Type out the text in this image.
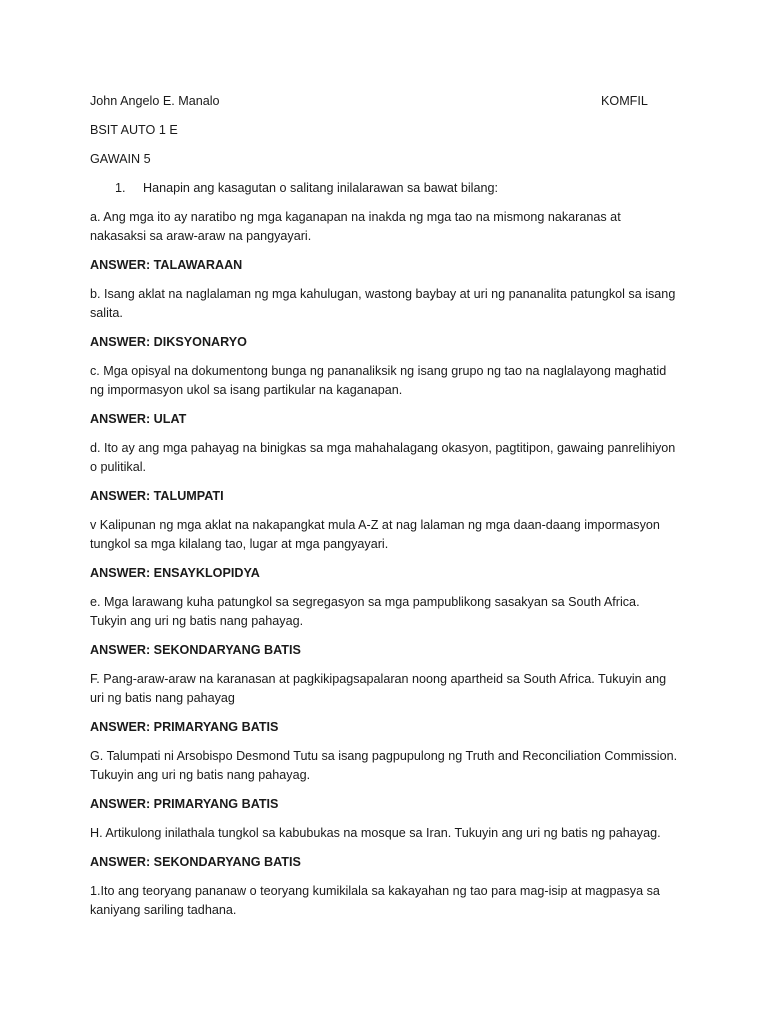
John Angelo E. Manalo	KOMFIL
BSIT AUTO 1 E
GAWAIN 5
1. Hanapin ang kasagutan o salitang inilalarawan sa bawat bilang:

a. Ang mga ito ay naratibo ng mga kaganapan na inakda ng mga tao na mismong nakaranas at nakasaksi sa araw-araw na pangyayari.

ANSWER: TALAWARAAN

b. Isang aklat na naglalaman ng mga kahulugan, wastong baybay at uri ng pananalita patungkol sa isang salita.

ANSWER: DIKSYONARYO

c. Mga opisyal na dokumentong bunga ng pananaliksik ng isang grupo ng tao na naglalayong maghatid ng impormasyon ukol sa isang partikular na kaganapan.

ANSWER: ULAT

d. Ito ay ang mga pahayag na binigkas sa mga mahahalagang okasyon, pagtitipon, gawaing panrelihiyon o pulitikal.

ANSWER: TALUMPATI

v Kalipunan ng mga aklat na nakapangkat mula A-Z at nag lalaman ng mga daan-daang impormasyon tungkol sa mga kilalang tao, lugar at mga pangyayari.

ANSWER: ENSAYKLOPIDYA

e. Mga larawang kuha patungkol sa segregasyon sa mga pampublikong sasakyan sa South Africa. Tukyin ang uri ng batis nang pahayag.

ANSWER: SEKONDARYANG BATIS

F. Pang-araw-araw na karanasan at pagkikipagsapalaran noong apartheid sa South Africa. Tukuyin ang uri ng batis nang pahayag

ANSWER: PRIMARYANG BATIS

G. Talumpati ni Arsobispo Desmond Tutu sa isang pagpupulong ng Truth and Reconciliation Commission. Tukuyin ang uri ng batis nang pahayag.

ANSWER: PRIMARYANG BATIS

H. Artikulong inilathala tungkol sa kabubukas na mosque sa Iran. Tukuyin ang uri ng batis ng pahayag.

ANSWER: SEKONDARYANG BATIS

1.Ito ang teoryang pananaw o teoryang kumikilala sa kakayahan ng tao para mag-isip at magpasya sa kaniyang sariling tadhana.
